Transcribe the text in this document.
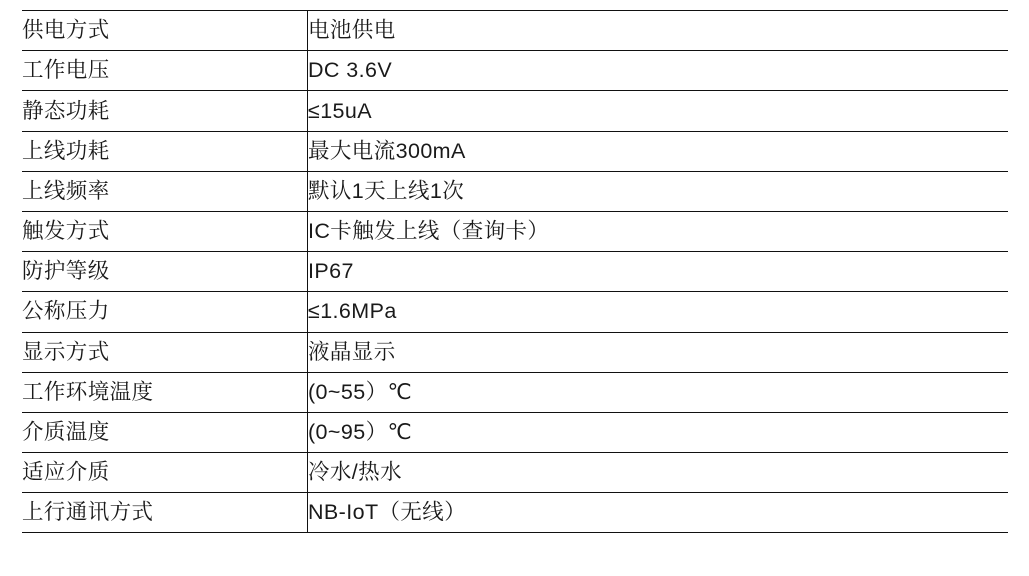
供电方式	电池供电
工作电压	DC 3.6V
静态功耗	≤15uA
上线功耗	最大电流300mA
上线频率	默认1天上线1次
触发方式	IC卡触发上线（查询卡）
防护等级	IP67
公称压力	≤1.6MPa
显示方式	液晶显示
工作环境温度	(0~55）℃
介质温度	(0~95）℃
适应介质	冷水/热水
上行通讯方式	NB-IoT（无线）
